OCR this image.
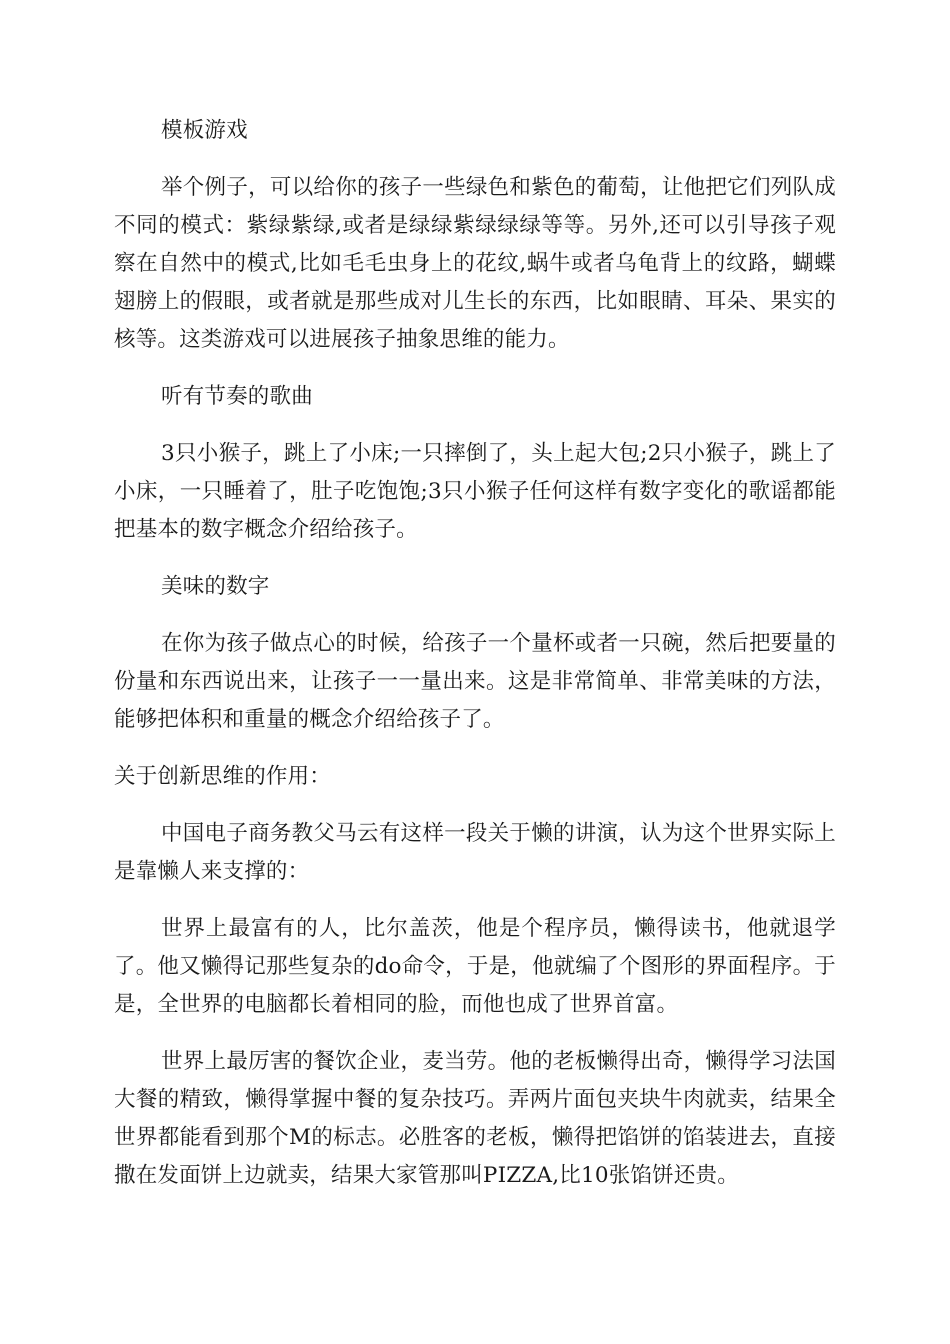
模板游戏

举个例子，可以给你的孩子一些绿色和紫色的葡萄，让他把它们列队成不同的模式：紫绿紫绿,或者是绿绿紫绿绿绿等等。另外,还可以引导孩子观察在自然中的模式,比如毛毛虫身上的花纹,蜗牛或者乌龟背上的纹路，蝴蝶翅膀上的假眼，或者就是那些成对儿生长的东西，比如眼睛、耳朵、果实的核等。这类游戏可以进展孩子抽象思维的能力。

听有节奏的歌曲

3只小猴子，跳上了小床;一只摔倒了，头上起大包;2只小猴子，跳上了小床，一只睡着了，肚子吃饱饱;3只小猴子任何这样有数字变化的歌谣都能把基本的数字概念介绍给孩子。

美味的数字

在你为孩子做点心的时候，给孩子一个量杯或者一只碗，然后把要量的份量和东西说出来，让孩子一一量出来。这是非常简单、非常美味的方法，能够把体积和重量的概念介绍给孩子了。

关于创新思维的作用：

中国电子商务教父马云有这样一段关于懒的讲演，认为这个世界实际上是靠懒人来支撑的：

世界上最富有的人，比尔盖茨，他是个程序员，懒得读书，他就退学了。他又懒得记那些复杂的do命令，于是，他就编了个图形的界面程序。于是，全世界的电脑都长着相同的脸，而他也成了世界首富。

世界上最厉害的餐饮企业，麦当劳。他的老板懒得出奇，懒得学习法国大餐的精致，懒得掌握中餐的复杂技巧。弄两片面包夹块牛肉就卖，结果全世界都能看到那个M的标志。必胜客的老板，懒得把馅饼的馅装进去，直接撒在发面饼上边就卖，结果大家管那叫PIZZA,比10张馅饼还贵。
